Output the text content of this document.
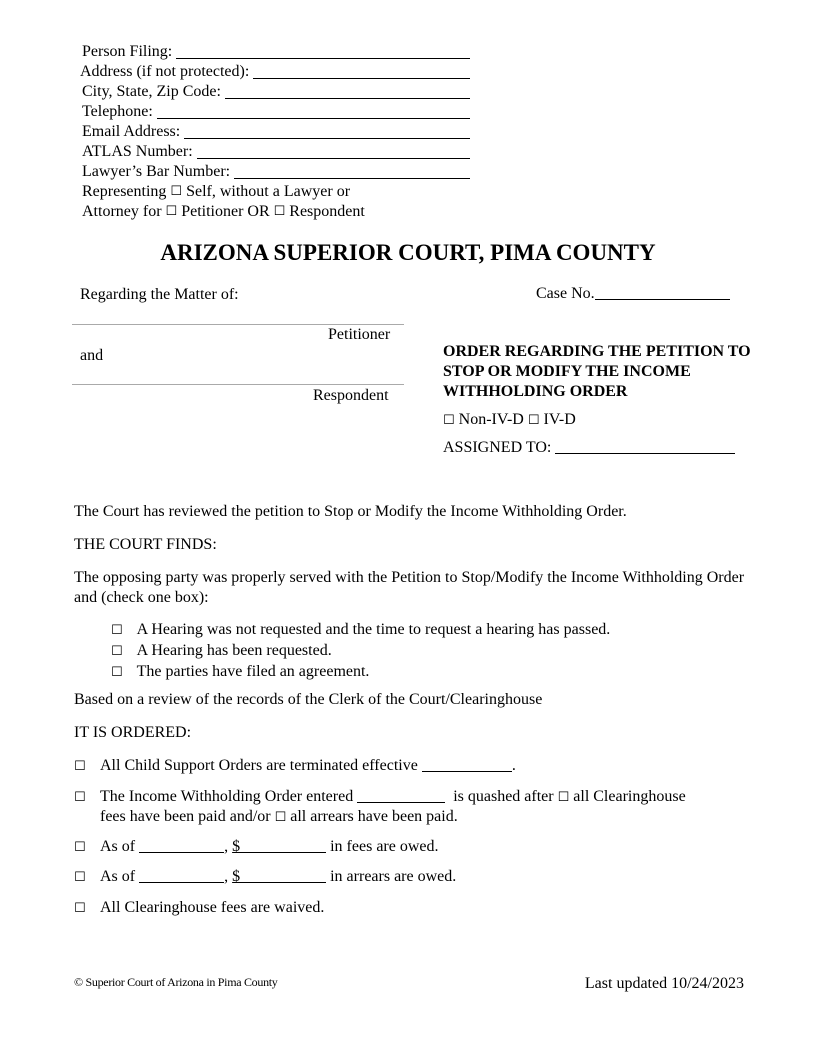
Person Filing:
Address (if not protected):
City, State, Zip Code:
Telephone:
Email Address:
ATLAS Number:
Lawyer’s Bar Number:
Representing
☐
Self, without a Lawyer or
Attorney for
☐
Petitioner OR
☐
Respondent
ARIZONA SUPERIOR COURT, PIMA COUNTY
Regarding the Matter of:
Petitioner
and
Respondent
Case No.
ORDER REGARDING THE PETITION TO STOP OR MODIFY THE INCOME WITHHOLDING ORDER
☐ Non-IV-D ☐ IV-D
ASSIGNED TO:
The Court has reviewed the petition to Stop or Modify the Income Withholding Order.
THE COURT FINDS:
The opposing party was properly served with the Petition to Stop/Modify the Income Withholding Order and (check one box):
☐ A Hearing was not requested and the time to request a hearing has passed.
☐ A Hearing has been requested.
☐ The parties have filed an agreement.
Based on a review of the records of the Clerk of the Court/Clearinghouse
IT IS ORDERED:
☐ All Child Support Orders are terminated effective	.
☐ The Income Withholding Order entered	is quashed after ☐ all Clearinghouse
fees have been paid and/or ☐ all arrears have been paid.
☐ As of	, $	in fees are owed.
☐ As of	, $	in arrears are owed.
☐ All Clearinghouse fees are waived.
© Superior Court of Arizona in Pima County	Last updated 10/24/2023
